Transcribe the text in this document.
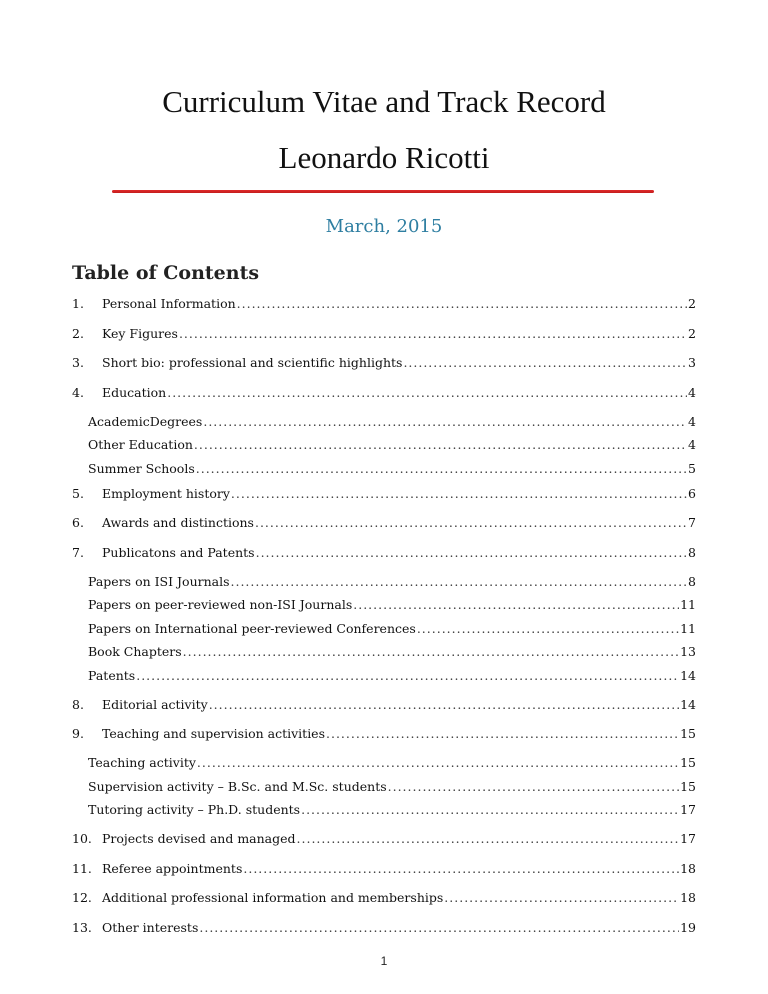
Curriculum Vitae and Track Record
Leonardo Ricotti
March, 2015
Table of Contents
1.	Personal Information .....	2
2.	Key Figures .....	2
3.	Short bio: professional and scientific highlights .....	3
4.	Education .....	4
AcademicDegrees .....	4
Other Education .....	4
Summer Schools .....	5
5.	Employment history .....	6
6.	Awards and distinctions .....	7
7.	Publicatons and Patents .....	8
Papers on ISI Journals .....	8
Papers on peer-reviewed non-ISI Journals .....	11
Papers on International peer-reviewed Conferences .....	11
Book Chapters .....	13
Patents .....	14
8.	Editorial activity .....	14
9.	Teaching and supervision activities .....	15
Teaching activity .....	15
Supervision activity – B.Sc. and M.Sc. students .....	15
Tutoring activity – Ph.D. students .....	17
10. Projects devised and managed .....	17
11. Referee appointments .....	18
12. Additional professional information and memberships .....	18
13. Other interests .....	19
1
